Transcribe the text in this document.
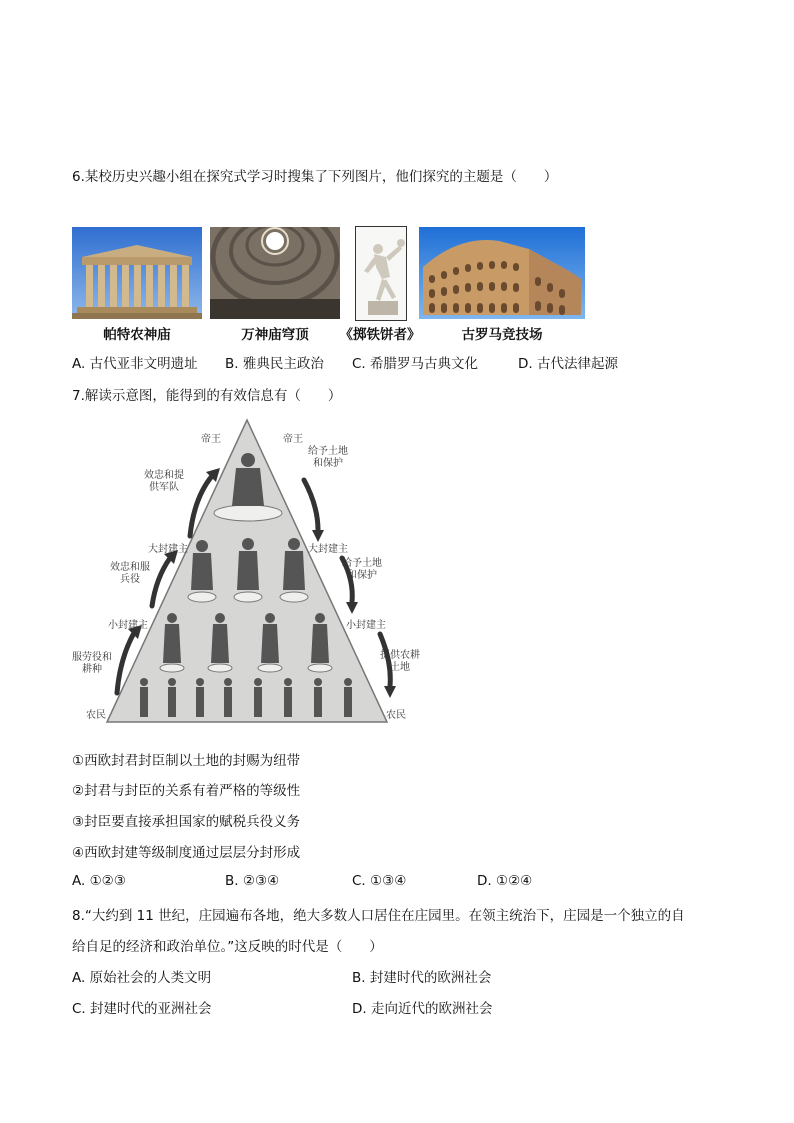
6.某校历史兴趣小组在探究式学习时搜集了下列图片，他们探究的主题是（　　）
帕特农神庙	万神庙穹顶	《掷铁饼者》	古罗马竞技场
A. 古代亚非文明遗址 B. 雅典民主政治 C. 希腊罗马古典文化	D. 古代法律起源
7.解读示意图，能得到的有效信息有（　　）
帝王
大封建主
小封建主
农民
帝王
大封建主
小封建主
农民
效忠和提供军队
效忠和服兵役
服劳役和耕种
给予土地和保护
给予土地和保护
提供农耕土地
①西欧封君封臣制以土地的封赐为纽带
②封君与封臣的关系有着严格的等级性
③封臣要直接承担国家的赋税兵役义务
④西欧封建等级制度通过层层分封形成
A. ①②③	B. ②③④	C. ①③④	D. ①②④
8.“大约到 11 世纪，庄园遍布各地，绝大多数人口居住在庄园里。在领主统治下，庄园是一个独立的自
给自足的经济和政治单位。”这反映的时代是（　　）
A. 原始社会的人类文明	B. 封建时代的欧洲社会
C. 封建时代的亚洲社会	D. 走向近代的欧洲社会
